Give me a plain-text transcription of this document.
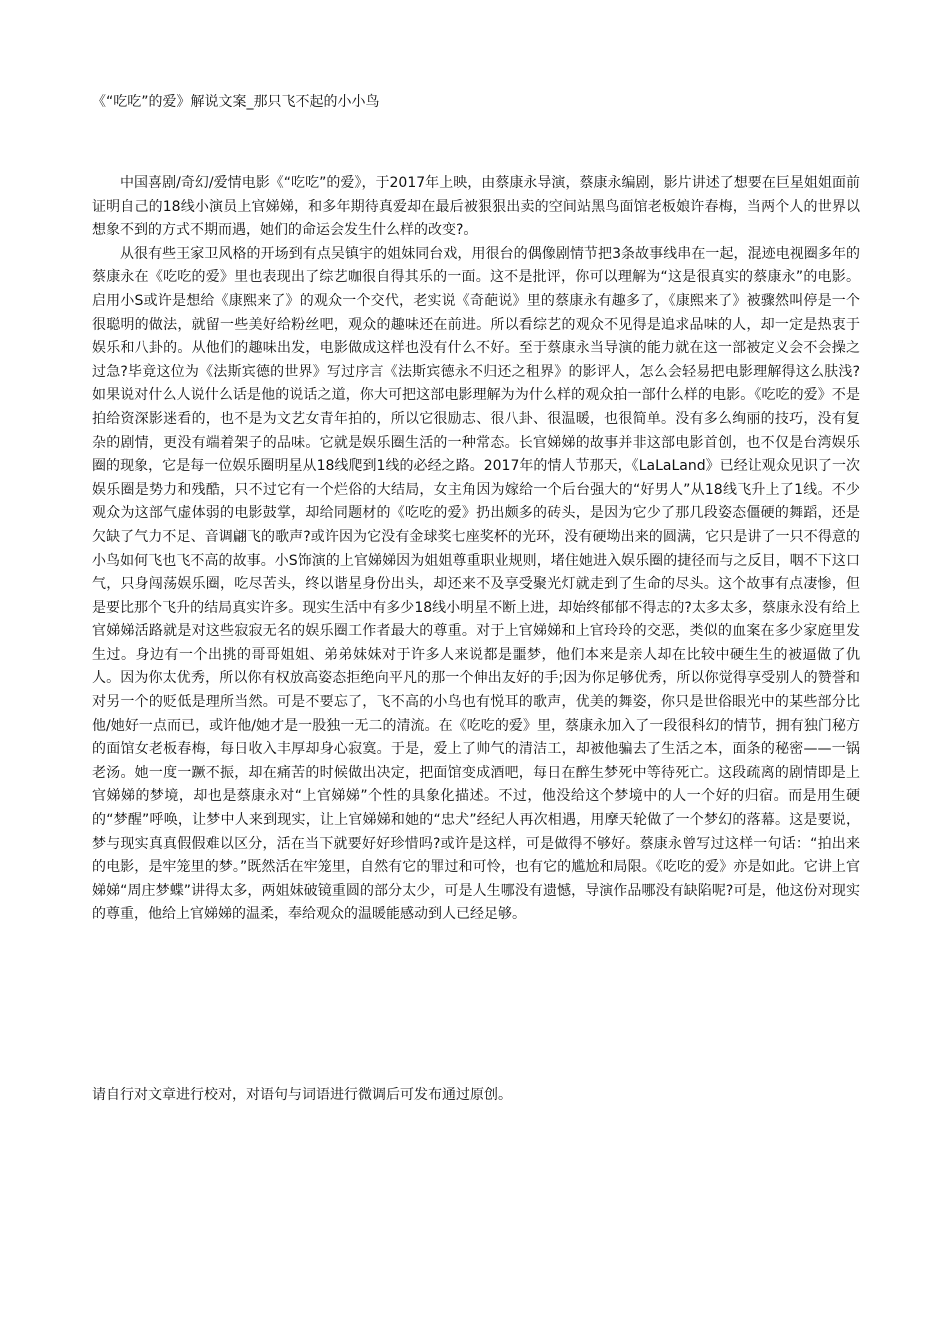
《“吃吃”的爱》解说文案_那只飞不起的小小鸟

中国喜剧/奇幻/爱情电影《“吃吃”的爱》，于2017年上映，由蔡康永导演，蔡康永编剧，影片讲述了想要在巨星姐姐面前证明自己的18线小演员上官娣娣，和多年期待真爱却在最后被狠狠出卖的空间站黑鸟面馆老板娘许春梅，当两个人的世界以想象不到的方式不期而遇，她们的命运会发生什么样的改变?。

从很有些王家卫风格的开场到有点吴镇宇的姐妹同台戏，用很台的偶像剧情节把3条故事线串在一起，混迹电视圈多年的蔡康永在《吃吃的爱》里也表现出了综艺咖很自得其乐的一面。这不是批评，你可以理解为“这是很真实的蔡康永”的电影。启用小S或许是想给《康熙来了》的观众一个交代，老实说《奇葩说》里的蔡康永有趣多了，《康熙来了》被骤然叫停是一个很聪明的做法，就留一些美好给粉丝吧，观众的趣味还在前进。所以看综艺的观众不见得是追求品味的人，却一定是热衷于娱乐和八卦的。从他们的趣味出发，电影做成这样也没有什么不好。至于蔡康永当导演的能力就在这一部被定义会不会操之过急?毕竟这位为《法斯宾德的世界》写过序言《法斯宾德永不归还之租界》的影评人，怎么会轻易把电影理解得这么肤浅?如果说对什么人说什么话是他的说话之道，你大可把这部电影理解为为什么样的观众拍一部什么样的电影。《吃吃的爱》不是拍给资深影迷看的，也不是为文艺女青年拍的，所以它很励志、很八卦、很温暖，也很简单。没有多么绚丽的技巧，没有复杂的剧情，更没有端着架子的品味。它就是娱乐圈生活的一种常态。长官娣娣的故事并非这部电影首创，也不仅是台湾娱乐圈的现象，它是每一位娱乐圈明星从18线爬到1线的必经之路。2017年的情人节那天，《LaLaLand》已经让观众见识了一次娱乐圈是势力和残酷，只不过它有一个烂俗的大结局，女主角因为嫁给一个后台强大的“好男人”从18线飞升上了1线。不少观众为这部气虚体弱的电影鼓掌，却给同题材的《吃吃的爱》扔出颇多的砖头，是因为它少了那几段姿态僵硬的舞蹈，还是欠缺了气力不足、音调翩飞的歌声?或许因为它没有金球奖七座奖杯的光环，没有硬坳出来的圆满，它只是讲了一只不得意的小鸟如何飞也飞不高的故事。小S饰演的上官娣娣因为姐姐尊重职业规则，堵住她进入娱乐圈的捷径而与之反目，咽不下这口气，只身闯荡娱乐圈，吃尽苦头，终以谐星身份出头，却还来不及享受聚光灯就走到了生命的尽头。这个故事有点凄惨，但是要比那个飞升的结局真实许多。现实生活中有多少18线小明星不断上进，却始终郁郁不得志的?太多太多，蔡康永没有给上官娣娣活路就是对这些寂寂无名的娱乐圈工作者最大的尊重。对于上官娣娣和上官玲玲的交恶，类似的血案在多少家庭里发生过。身边有一个出挑的哥哥姐姐、弟弟妹妹对于许多人来说都是噩梦，他们本来是亲人却在比较中硬生生的被逼做了仇人。因为你太优秀，所以你有权放高姿态拒绝向平凡的那一个伸出友好的手;因为你足够优秀，所以你觉得享受别人的赞誉和对另一个的贬低是理所当然。可是不要忘了，飞不高的小鸟也有悦耳的歌声，优美的舞姿，你只是世俗眼光中的某些部分比他/她好一点而已，或许他/她才是一股独一无二的清流。在《吃吃的爱》里，蔡康永加入了一段很科幻的情节，拥有独门秘方的面馆女老板春梅，每日收入丰厚却身心寂寞。于是，爱上了帅气的清洁工，却被他骗去了生活之本，面条的秘密——一锅老汤。她一度一蹶不振，却在痛苦的时候做出决定，把面馆变成酒吧，每日在醉生梦死中等待死亡。这段疏离的剧情即是上官娣娣的梦境，却也是蔡康永对“上官娣娣”个性的具象化描述。不过，他没给这个梦境中的人一个好的归宿。而是用生硬的“梦醒”呼唤，让梦中人来到现实，让上官娣娣和她的“忠犬”经纪人再次相遇，用摩天轮做了一个梦幻的落幕。这是要说，梦与现实真真假假难以区分，活在当下就要好好珍惜吗?或许是这样，可是做得不够好。蔡康永曾写过这样一句话：“拍出来的电影，是牢笼里的梦。”既然活在牢笼里，自然有它的罪过和可怜，也有它的尴尬和局限。《吃吃的爱》亦是如此。它讲上官娣娣“周庄梦蝶”讲得太多，两姐妹破镜重圆的部分太少，可是人生哪没有遗憾，导演作品哪没有缺陷呢?可是，他这份对现实的尊重，他给上官娣娣的温柔，奉给观众的温暖能感动到人已经足够。

请自行对文章进行校对，对语句与词语进行微调后可发布通过原创。
